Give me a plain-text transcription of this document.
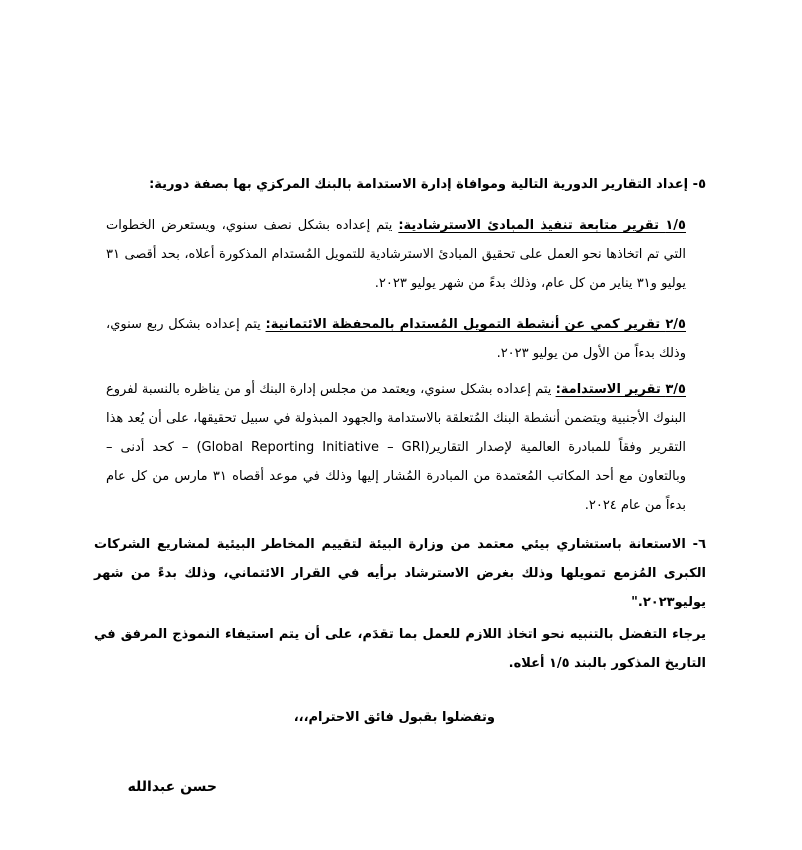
٥- إعداد التقارير الدورية التالية وموافاة إدارة الاستدامة بالبنك المركزي بها بصفة دورية:
١/٥ تقرير متابعة تنفيذ المبادئ الاسترشادية: يتم إعداده بشكل نصف سنوي، ويستعرض الخطوات التي تم اتخاذها نحو العمل على تحقيق المبادئ الاسترشادية للتمويل المُستدام المذكورة أعلاه، بحد أقصى ٣١ يوليو و٣١ يناير من كل عام، وذلك بدءً من شهر يوليو ٢٠٢٣.
٢/٥ تقرير كمي عن أنشطة التمويل المُستدام بالمحفظة الائتمانية: يتم إعداده بشكل ربع سنوي، وذلك بدءاً من الأول من يوليو ٢٠٢٣.
٣/٥ تقرير الاستدامة: يتم إعداده بشكل سنوي، ويعتمد من مجلس إدارة البنك أو من يناظره بالنسبة لفروع البنوك الأجنبية ويتضمن أنشطة البنك المُتعلقة بالاستدامة والجهود المبذولة في سبيل تحقيقها، على أن يُعد هذا التقرير وفقاً للمبادرة العالمية لإصدار التقارير(Global Reporting Initiative – GRI) – كحد أدنى – وبالتعاون مع أحد المكاتب المُعتمدة من المبادرة المُشار إليها وذلك في موعد أقصاه ٣١ مارس من كل عام بدءاً من عام ٢٠٢٤.
٦- الاستعانة باستشاري بيئي معتمد من وزارة البيئة لتقييم المخاطر البيئية لمشاريع الشركات الكبرى المُزمع تمويلها وذلك بغرض الاسترشاد برأيه في القرار الائتماني، وذلك بدءً من شهر يوليو٢٠٢٣."
يرجاء التفضل بالتنبيه نحو اتخاذ اللازم للعمل بما تقدَم، على أن يتم استيفاء النموذج المرفق في التاريخ المذكور بالبند ١/٥ أعلاه.
وتفضلوا بقبول فائق الاحترام،،،
حسن عبدالله
